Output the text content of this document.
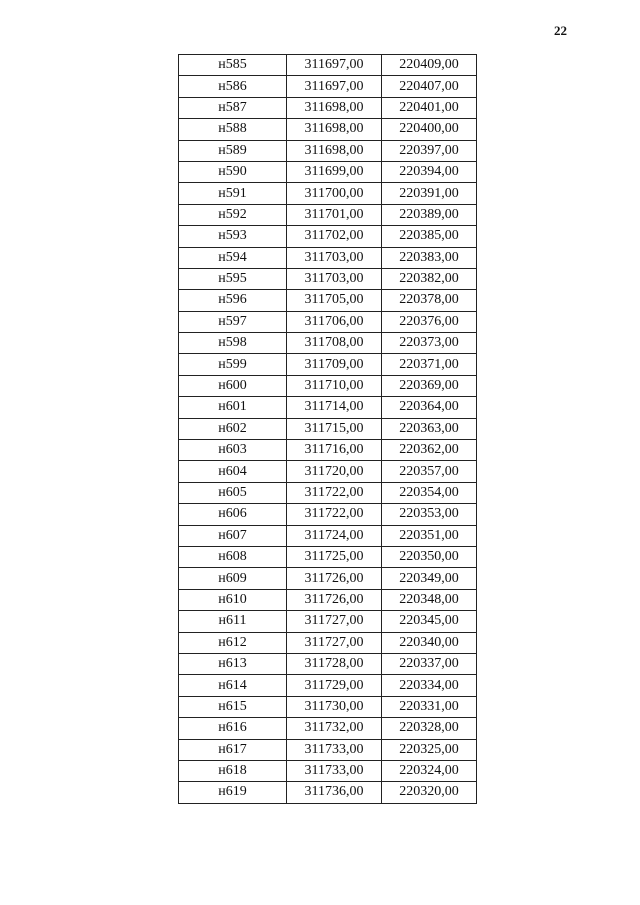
22
н585	311697,00	220409,00
н586	311697,00	220407,00
н587	311698,00	220401,00
н588	311698,00	220400,00
н589	311698,00	220397,00
н590	311699,00	220394,00
н591	311700,00	220391,00
н592	311701,00	220389,00
н593	311702,00	220385,00
н594	311703,00	220383,00
н595	311703,00	220382,00
н596	311705,00	220378,00
н597	311706,00	220376,00
н598	311708,00	220373,00
н599	311709,00	220371,00
н600	311710,00	220369,00
н601	311714,00	220364,00
н602	311715,00	220363,00
н603	311716,00	220362,00
н604	311720,00	220357,00
н605	311722,00	220354,00
н606	311722,00	220353,00
н607	311724,00	220351,00
н608	311725,00	220350,00
н609	311726,00	220349,00
н610	311726,00	220348,00
н611	311727,00	220345,00
н612	311727,00	220340,00
н613	311728,00	220337,00
н614	311729,00	220334,00
н615	311730,00	220331,00
н616	311732,00	220328,00
н617	311733,00	220325,00
н618	311733,00	220324,00
н619	311736,00	220320,00
